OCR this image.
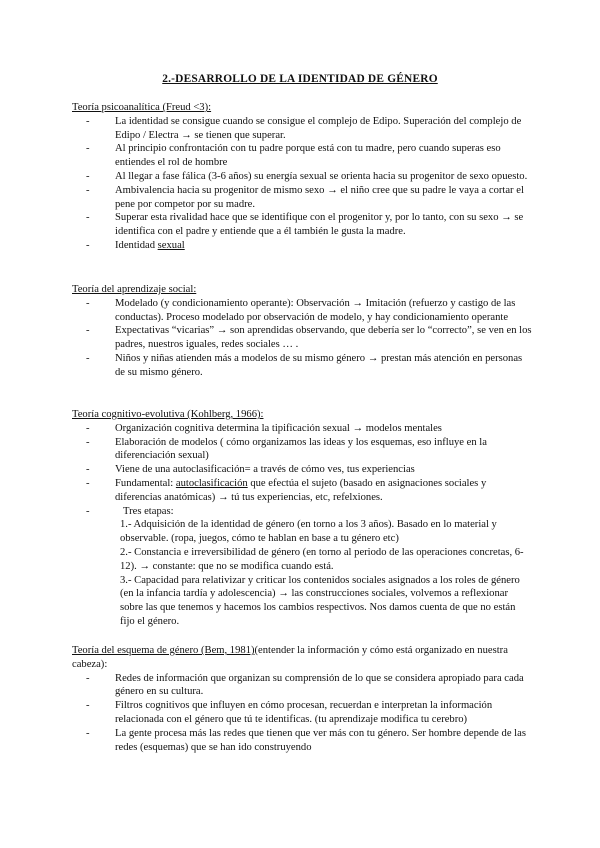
2.-DESARROLLO DE LA IDENTIDAD DE GÉNERO
Teoría psicoanalítica (Freud <3):

- La identidad se consigue cuando se consigue el complejo de Edipo. Superación del complejo de Edipo / Electra → se tienen que superar.

- Al principio confrontación con tu padre porque está con tu madre, pero cuando superas eso entiendes el rol de hombre

- Al llegar a fase fálica (3-6 años) su energía sexual se orienta hacia su progenitor de sexo opuesto.

- Ambivalencia hacia su progenitor de mismo sexo → el niño cree que su padre le vaya a cortar el pene por competor por su madre.

- Superar esta rivalidad hace que se identifique con el progenitor y, por lo tanto, con su sexo → se identifica con el padre y entiende que a él también le gusta la madre.

- Identidad sexual

Teoría del aprendizaje social:

- Modelado (y condicionamiento operante): Observación → Imitación (refuerzo y castigo de las conductas). Proceso modelado por observación de modelo, y hay condicionamiento operante

- Expectativas “vicarias” → son aprendidas observando, que debería ser lo “correcto”, se ven en los padres, nuestros iguales, redes sociales … .

- Niños y niñas atienden más a modelos de su mismo género → prestan más atención en personas de su mismo género.

Teoría cognitivo-evolutiva (Kohlberg, 1966):

- Organización cognitiva determina la tipificación sexual → modelos mentales

- Elaboración de modelos ( cómo organizamos las ideas y los esquemas, eso influye en la diferenciación sexual)

- Viene de una autoclasificación= a través de cómo ves, tus experiencias

- Fundamental: autoclasificación que efectúa el sujeto (basado en asignaciones sociales y diferencias anatómicas) → tú tus experiencias, etc, refelxiones.

-	Tres etapas:

1.- Adquisición de la identidad de género (en torno a los 3 años). Basado en lo material y observable. (ropa, juegos, cómo te hablan en base a tu género etc)

2.- Constancia e irreversibilidad de género (en torno al periodo de las operaciones concretas, 6-12). → constante: que no se modifica cuando está.

3.- Capacidad para relativizar y criticar los contenidos sociales asignados a los roles de género (en la infancia tardía y adolescencia) → las construcciones sociales, volvemos a reflexionar sobre las que tenemos y hacemos los cambios respectivos. Nos damos cuenta de que no están fijo el género.

Teoría del esquema de género (Bem, 1981)(entender la información y cómo está organizado en nuestra cabeza):

- Redes de información que organizan su comprensión de lo que se considera apropiado para cada género en su cultura.

- Filtros cognitivos que influyen en cómo procesan, recuerdan e interpretan la información relacionada con el género que tú te identificas. (tu aprendizaje modifica tu cerebro)

- La gente procesa más las redes que tienen que ver más con tu género. Ser hombre depende de las redes (esquemas) que se han ido construyendo
